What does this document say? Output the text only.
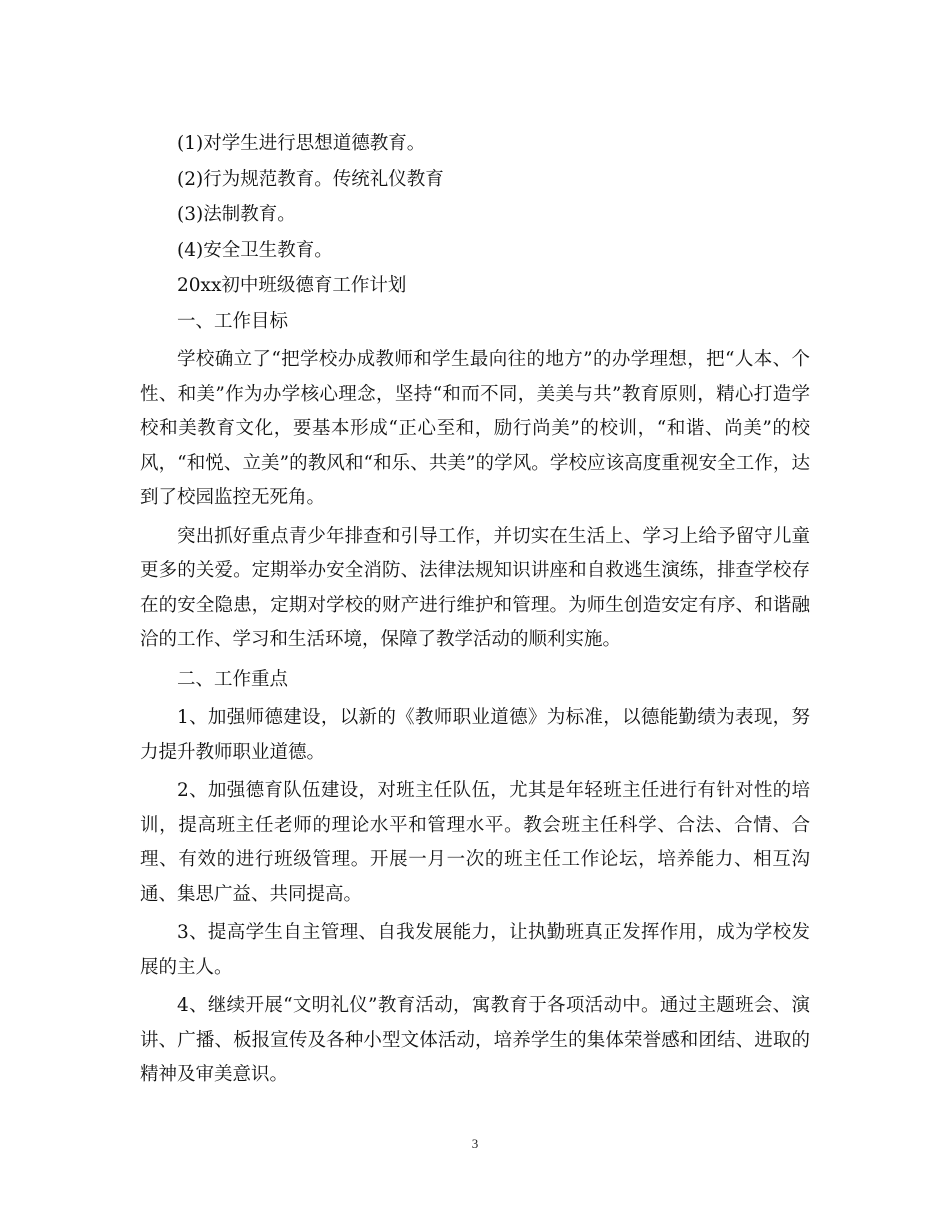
(1)对学生进行思想道德教育。

(2)行为规范教育。传统礼仪教育

(3)法制教育。

(4)安全卫生教育。

20xx初中班级德育工作计划

一、工作目标

学校确立了“把学校办成教师和学生最向往的地方”的办学理想，把“人本、个性、和美”作为办学核心理念，坚持“和而不同，美美与共”教育原则，精心打造学校和美教育文化，要基本形成“正心至和，励行尚美”的校训，“和谐、尚美”的校风，“和悦、立美”的教风和“和乐、共美”的学风。学校应该高度重视安全工作，达到了校园监控无死角。

突出抓好重点青少年排查和引导工作，并切实在生活上、学习上给予留守儿童更多的关爱。定期举办安全消防、法律法规知识讲座和自救逃生演练，排查学校存在的安全隐患，定期对学校的财产进行维护和管理。为师生创造安定有序、和谐融洽的工作、学习和生活环境，保障了教学活动的顺利实施。

二、工作重点

1、加强师德建设，以新的《教师职业道德》为标准，以德能勤绩为表现，努力提升教师职业道德。

2、加强德育队伍建设，对班主任队伍，尤其是年轻班主任进行有针对性的培训，提高班主任老师的理论水平和管理水平。教会班主任科学、合法、合情、合理、有效的进行班级管理。开展一月一次的班主任工作论坛，培养能力、相互沟通、集思广益、共同提高。

3、提高学生自主管理、自我发展能力，让执勤班真正发挥作用，成为学校发展的主人。

4、继续开展“文明礼仪”教育活动，寓教育于各项活动中。通过主题班会、演讲、广播、板报宣传及各种小型文体活动，培养学生的集体荣誉感和团结、进取的精神及审美意识。

3
